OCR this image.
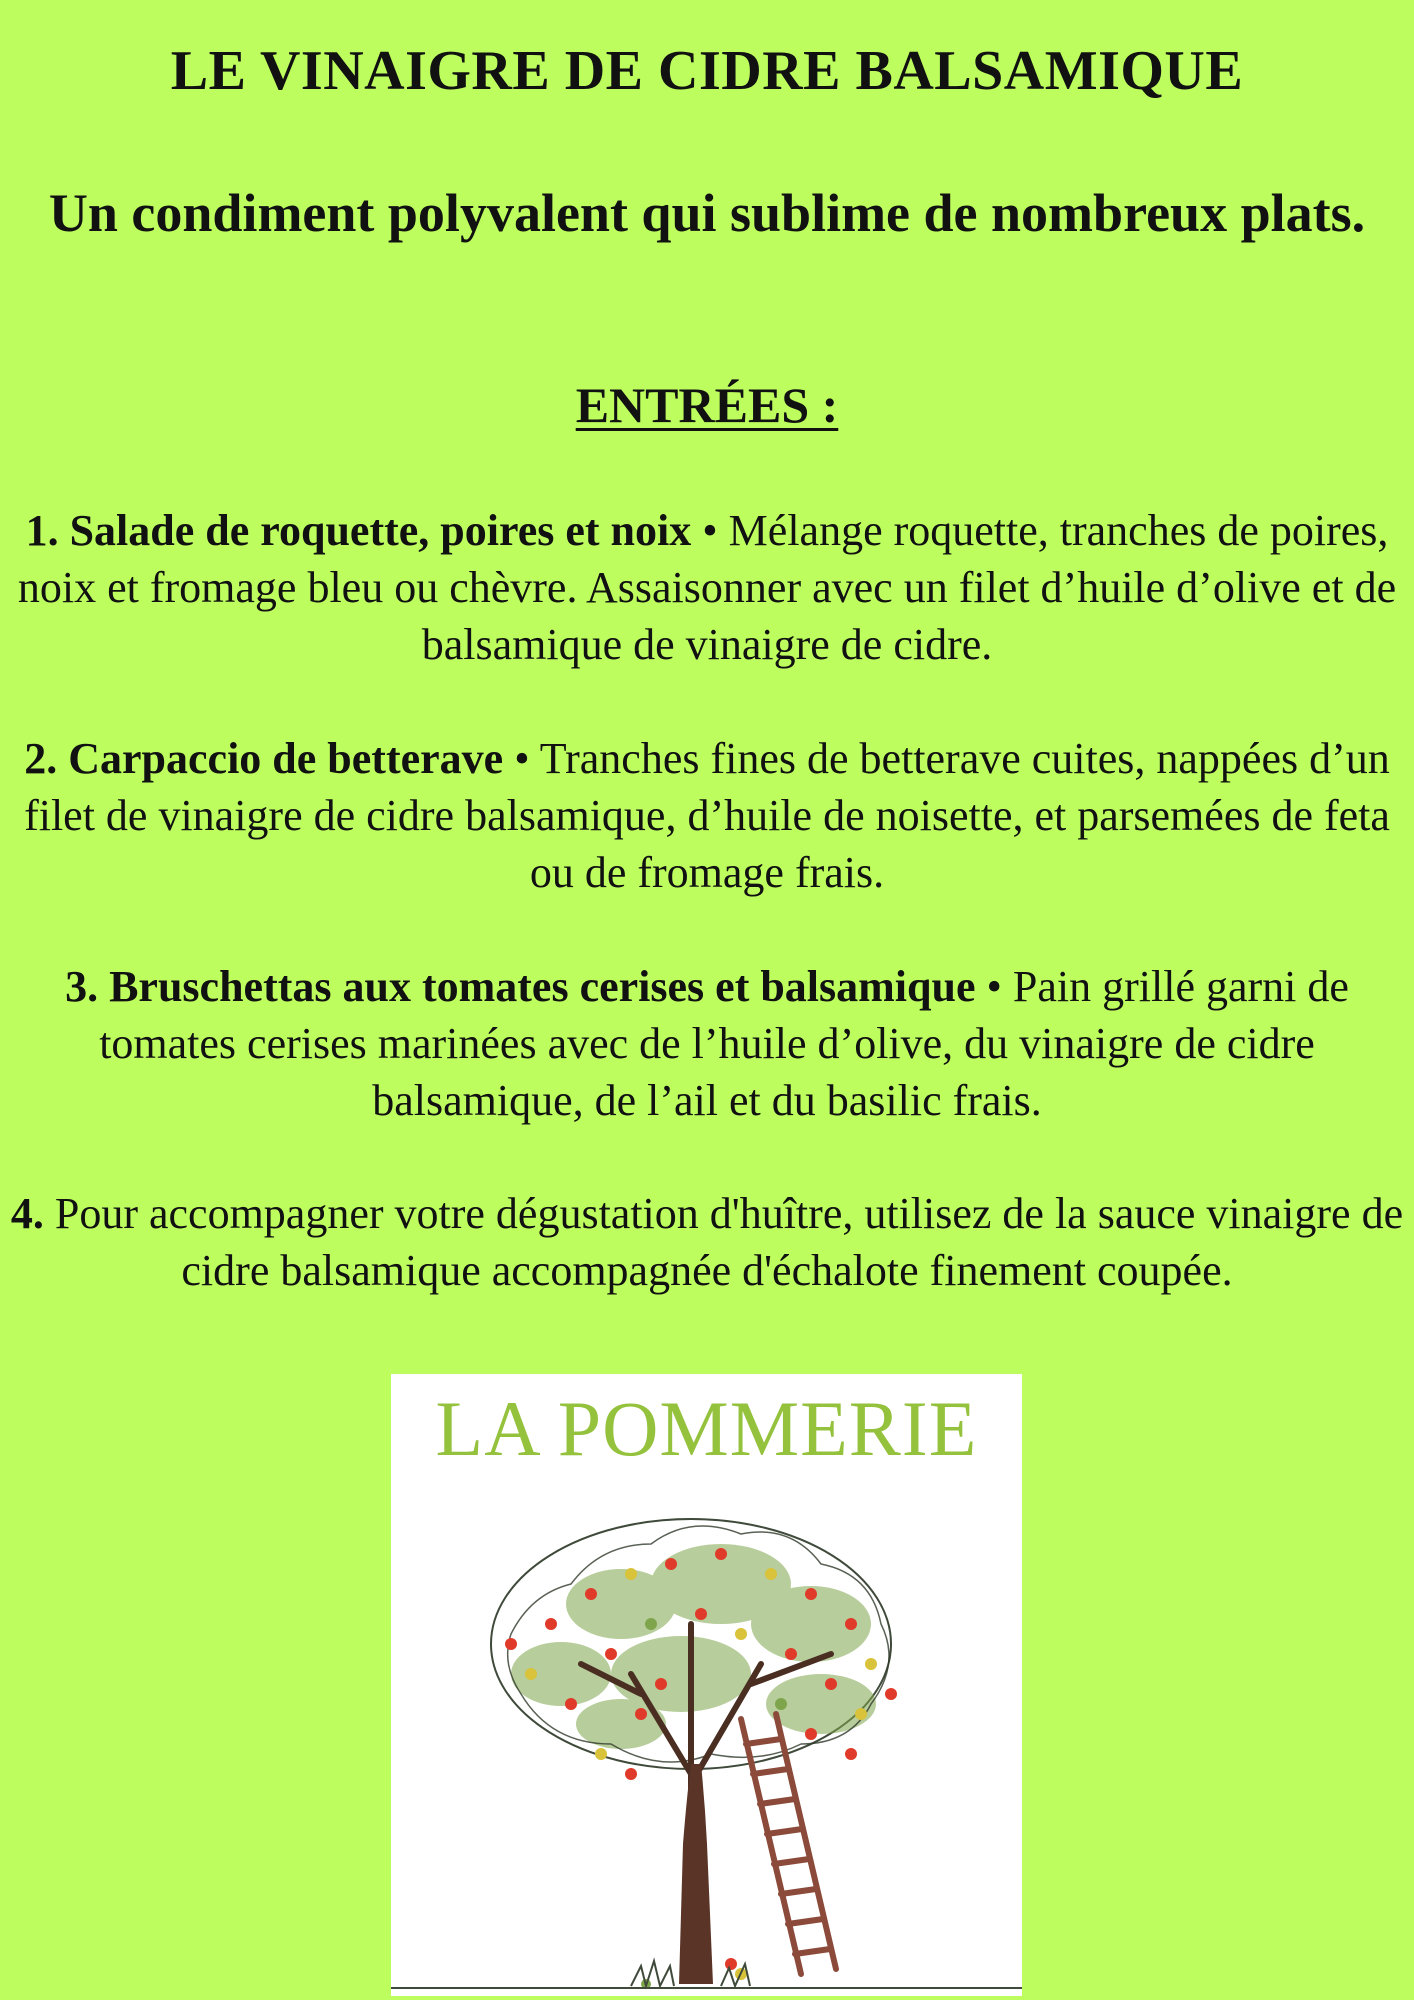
LE VINAIGRE DE CIDRE BALSAMIQUE
Un condiment polyvalent qui sublime de nombreux plats.
ENTRÉES :
1. Salade de roquette, poires et noix • Mélange roquette, tranches de poires, noix et fromage bleu ou chèvre. Assaisonner avec un filet d’huile d’olive et de balsamique de vinaigre de cidre.
2. Carpaccio de betterave • Tranches fines de betterave cuites, nappées d’un filet de vinaigre de cidre balsamique, d’huile de noisette, et parsemées de feta ou de fromage frais.
3. Bruschettas aux tomates cerises et balsamique • Pain grillé garni de tomates cerises marinées avec de l’huile d’olive, du vinaigre de cidre balsamique, de l’ail et du basilic frais.
4. Pour accompagner votre dégustation d'huître, utilisez de la sauce vinaigre de cidre balsamique accompagnée d'échalote finement coupée.
LA POMMERIE
